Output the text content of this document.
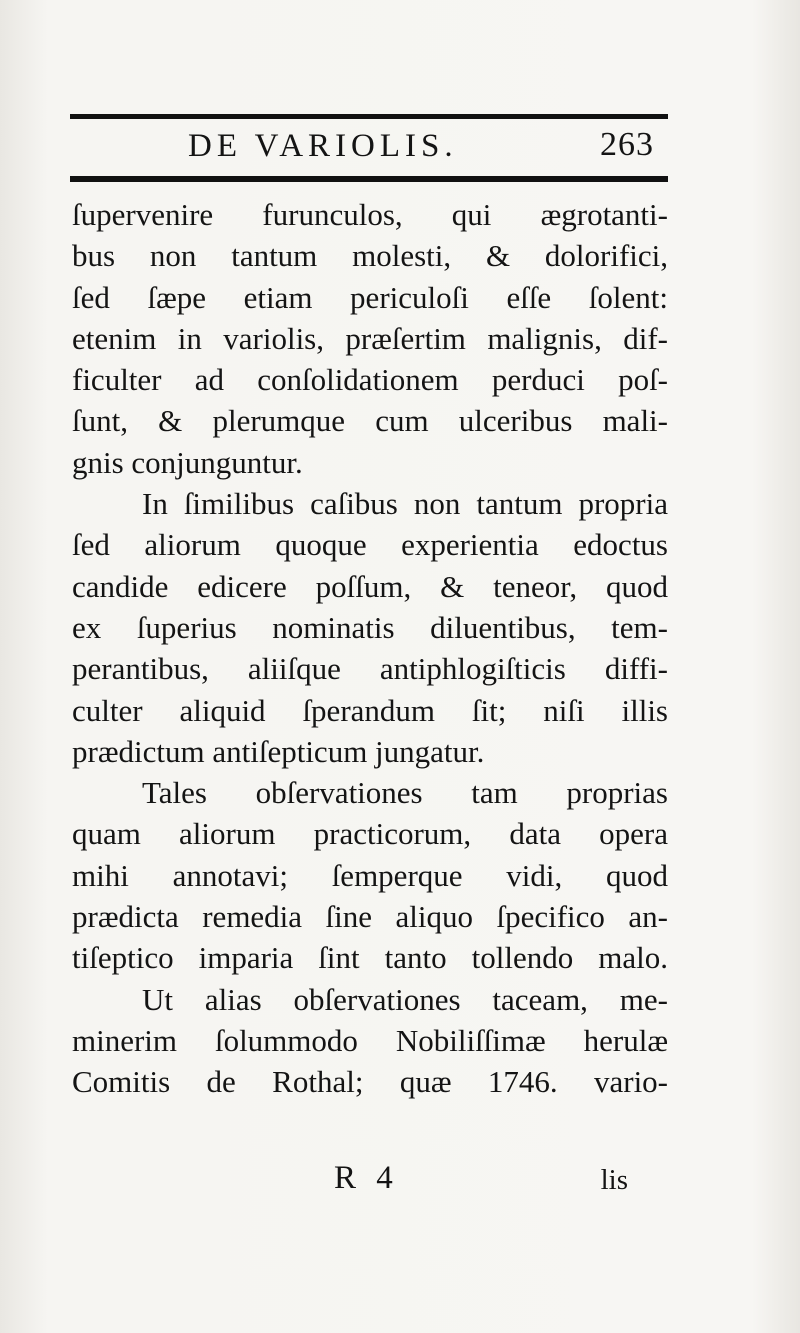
DE VARIOLIS.	263
ſupervenire furunculos, qui ægrotanti-
bus non tantum molesti, & dolorifici,
ſed ſæpe etiam periculoſi eſſe ſolent:
etenim in variolis, præſertim malignis, dif-
ficulter ad conſolidationem perduci poſ-
ſunt, & plerumque cum ulceribus mali-
gnis conjunguntur.
In ſimilibus caſibus non tantum propria
ſed aliorum quoque experientia edoctus
candide edicere poſſum, & teneor, quod
ex ſuperius nominatis diluentibus, tem-
perantibus, aliiſque antiphlogiſticis diffi-
culter aliquid ſperandum ſit; niſi illis
prædictum antiſepticum jungatur.
Tales obſervationes tam proprias
quam aliorum practicorum, data opera
mihi annotavi; ſemperque vidi, quod
prædicta remedia ſine aliquo ſpecifico an-
tiſeptico imparia ſint tanto tollendo malo.
Ut alias obſervationes taceam, me-
minerim ſolummodo Nobiliſſimæ herulæ
Comitis de Rothal; quæ 1746. vario-
R 4	lis
